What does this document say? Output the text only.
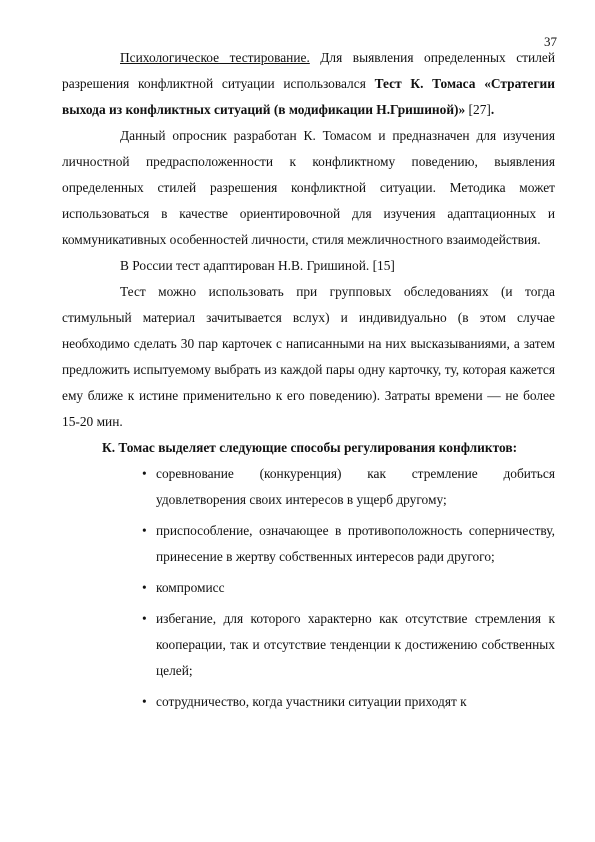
37

Психологическое тестирование. Для выявления определенных стилей разрешения конфликтной ситуации использовался Тест К. Томаса «Стратегии выхода из конфликтных ситуаций (в модификации Н.Гришиной)» [27].

Данный опросник разработан К. Томасом и предназначен для изучения личностной предрасположенности к конфликтному поведению, выявления определенных стилей разрешения конфликтной ситуации. Методика может использоваться в качестве ориентировочной для изучения адаптационных и коммуникативных особенностей личности, стиля межличностного взаимодействия.

В России тест адаптирован Н.В. Гришиной. [15]

Тест можно использовать при групповых обследованиях (и тогда стимульный материал зачитывается вслух) и индивидуально (в этом случае необходимо сделать 30 пар карточек с написанными на них высказываниями, а затем предложить испытуемому выбрать из каждой пары одну карточку, ту, которая кажется ему ближе к истине применительно к его поведению). Затраты времени — не более 15-20 мин.

К. Томас выделяет следующие способы регулирования конфликтов:

• соревнование (конкуренция) как стремление добиться удовлетворения своих интересов в ущерб другому;
• приспособление, означающее в противоположность соперничеству, принесение в жертву собственных интересов ради другого;
• компромисс
• избегание, для которого характерно как отсутствие стремления к кооперации, так и отсутствие тенденции к достижению собственных целей;
• сотрудничество, когда участники ситуации приходят к
